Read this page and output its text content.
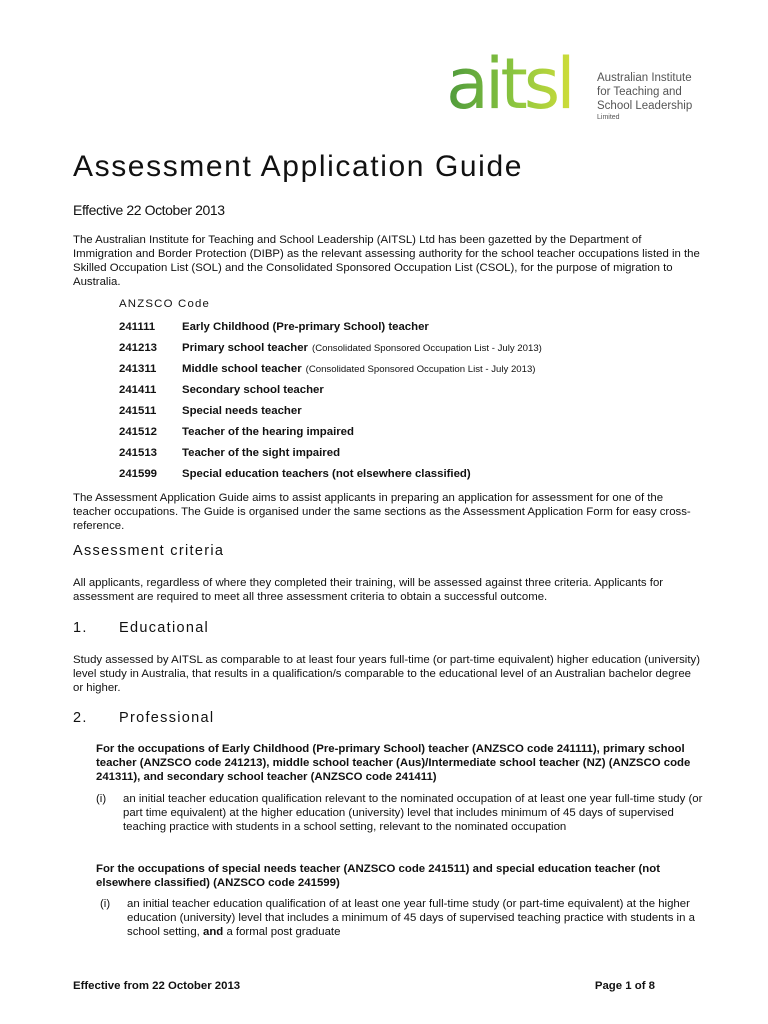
aitsl Australian Institute
for Teaching and
School Leadership
Limited
Assessment Application Guide
Effective 22 October 2013

The Australian Institute for Teaching and School Leadership (AITSL) Ltd has been gazetted by the Department of Immigration and Border Protection (DIBP) as the relevant assessing authority for the school teacher occupations listed in the Skilled Occupation List (SOL) and the Consolidated Sponsored Occupation List (CSOL), for the purpose of migration to Australia.

ANZSCO Code
241111	Early Childhood (Pre-primary School) teacher
241213	Primary school teacher (Consolidated Sponsored Occupation List - July 2013)
241311	Middle school teacher (Consolidated Sponsored Occupation List - July 2013)
241411	Secondary school teacher
241511	Special needs teacher
241512	Teacher of the hearing impaired
241513	Teacher of the sight impaired
241599	Special education teachers (not elsewhere classified)

The Assessment Application Guide aims to assist applicants in preparing an application for assessment for one of the teacher occupations. The Guide is organised under the same sections as the Assessment Application Form for easy cross-reference.

Assessment criteria

All applicants, regardless of where they completed their training, will be assessed against three criteria. Applicants for assessment are required to meet all three assessment criteria to obtain a successful outcome.

1. Educational

Study assessed by AITSL as comparable to at least four years full-time (or part-time equivalent) higher education (university) level study in Australia, that results in a qualification/s comparable to the educational level of an Australian bachelor degree or higher.

2. Professional

For the occupations of Early Childhood (Pre-primary School) teacher (ANZSCO code 241111), primary school teacher (ANZSCO code 241213), middle school teacher (Aus)/Intermediate school teacher (NZ) (ANZSCO code 241311), and secondary school teacher (ANZSCO code 241411)

(i)	an initial teacher education qualification relevant to the nominated occupation of at least one year full-time study (or part time equivalent) at the higher education (university) level that includes minimum of 45 days of supervised teaching practice with students in a school setting, relevant to the nominated occupation

For the occupations of special needs teacher (ANZSCO code 241511) and special education teacher (not elsewhere classified) (ANZSCO code 241599)

(i)	an initial teacher education qualification of at least one year full-time study (or part-time equivalent) at the higher education (university) level that includes a minimum of 45 days of supervised teaching practice with students in a school setting, and a formal post graduate
Effective from 22 October 2013	Page 1 of 8
